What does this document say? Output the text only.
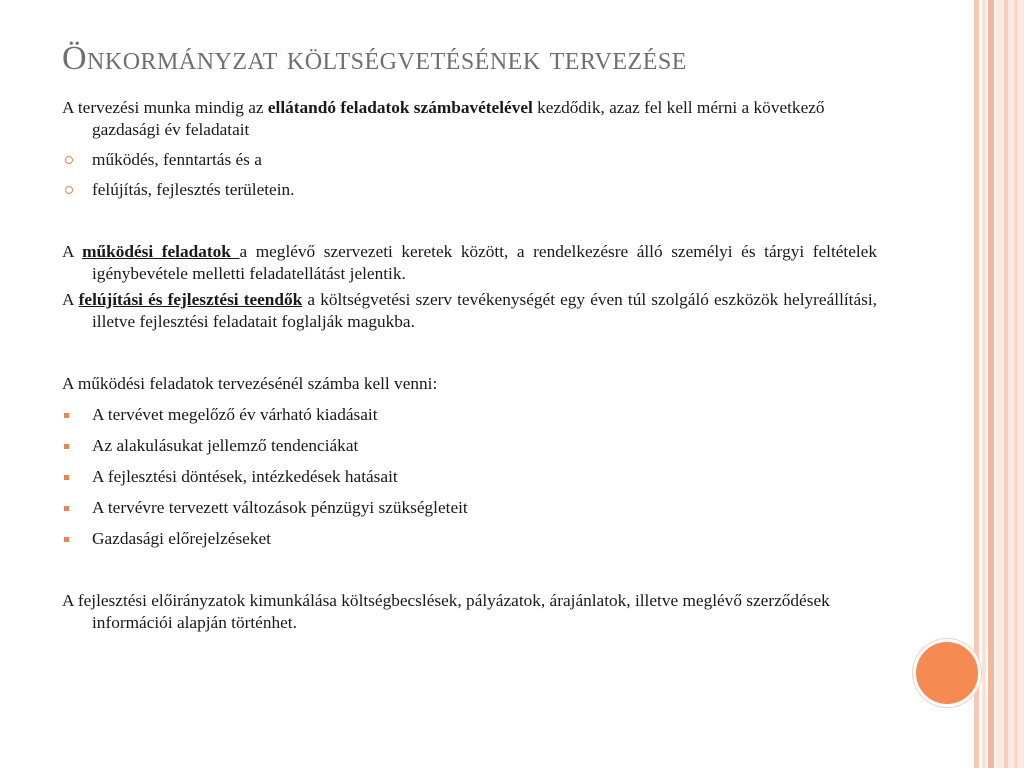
Önkormányzat költségvetésének tervezése

A tervezési munka mindig az ellátandó feladatok számbavételével kezdődik, azaz fel kell mérni a következő gazdasági év feladatait

működés, fenntartás és a

felújítás, fejlesztés területein.

A működési feladatok a meglévő szervezeti keretek között, a rendelkezésre álló személyi és tárgyi feltételek igénybevétele melletti feladatellátást jelentik.

A felújítási és fejlesztési teendők a költségvetési szerv tevékenységét egy éven túl szolgáló eszközök helyreállítási, illetve fejlesztési feladatait foglalják magukba.

A működési feladatok tervezésénél számba kell venni:

A tervévet megelőző év várható kiadásait

Az alakulásukat jellemző tendenciákat

A fejlesztési döntések, intézkedések hatásait

A tervévre tervezett változások pénzügyi szükségleteit

Gazdasági előrejelzéseket

A fejlesztési előirányzatok kimunkálása költségbecslések, pályázatok, árajánlatok, illetve meglévő szerződések információi alapján történhet.
